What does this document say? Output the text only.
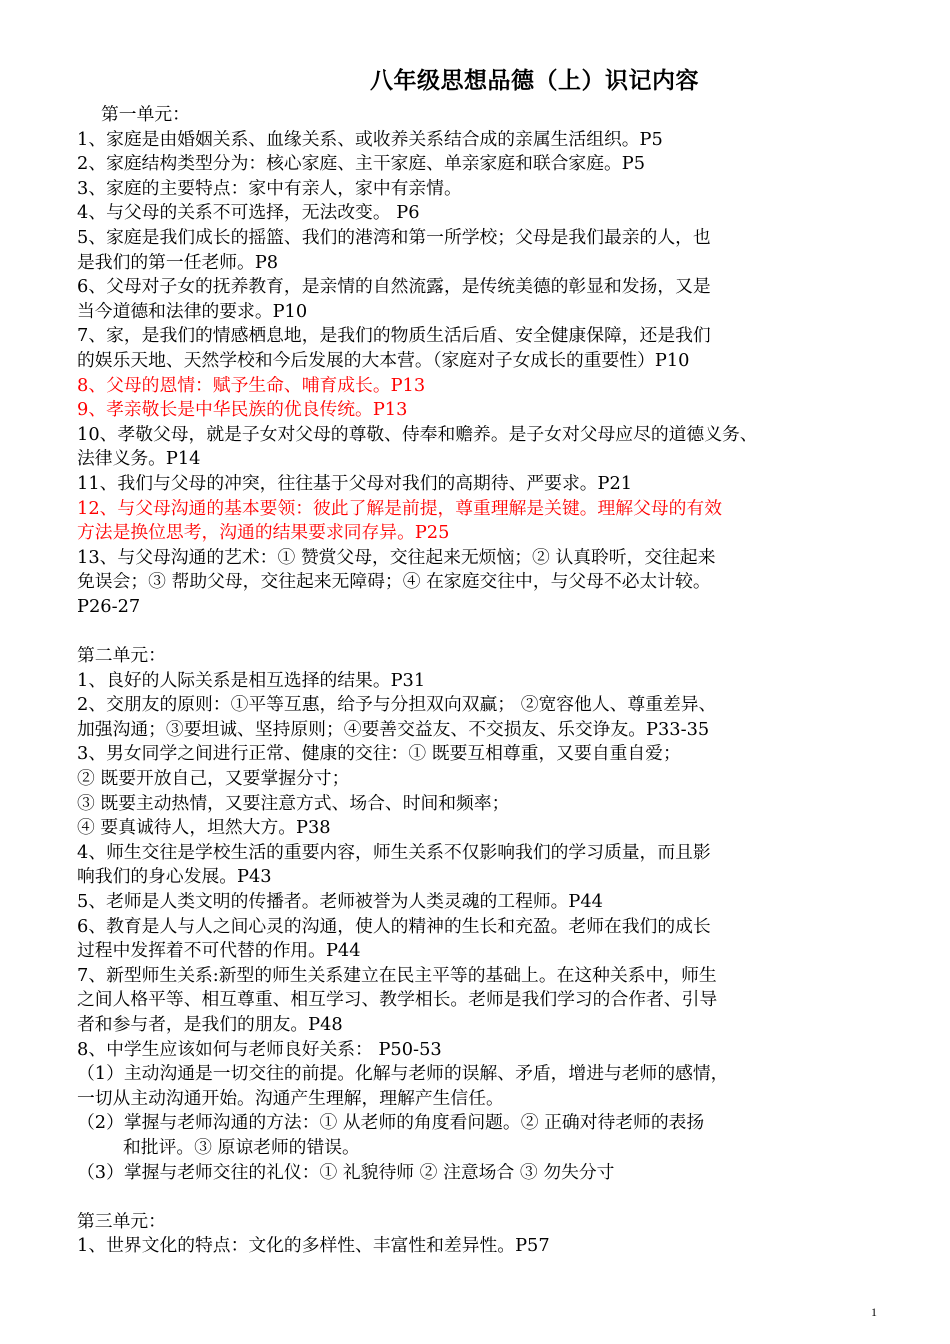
八年级思想品德（上）识记内容
第一单元：
1、家庭是由婚姻关系、血缘关系、或收养关系结合成的亲属生活组织。P5
2、家庭结构类型分为：核心家庭、主干家庭、单亲家庭和联合家庭。P5
3、家庭的主要特点：家中有亲人，家中有亲情。
4、与父母的关系不可选择，无法改变。 P6
5、家庭是我们成长的摇篮、我们的港湾和第一所学校；父母是我们最亲的人，也
是我们的第一任老师。P8
6、父母对子女的抚养教育，是亲情的自然流露，是传统美德的彰显和发扬，又是
当今道德和法律的要求。P10
7、家，是我们的情感栖息地，是我们的物质生活后盾、安全健康保障，还是我们
的娱乐天地、天然学校和今后发展的大本营。（家庭对子女成长的重要性）P10
8、父母的恩情：赋予生命、哺育成长。P13
9、孝亲敬长是中华民族的优良传统。P13
10、孝敬父母，就是子女对父母的尊敬、侍奉和赡养。是子女对父母应尽的道德义务、
法律义务。P14
11、我们与父母的冲突，往往基于父母对我们的高期待、严要求。P21
12、与父母沟通的基本要领：彼此了解是前提，尊重理解是关键。理解父母的有效
方法是换位思考，沟通的结果要求同存异。P25
13、与父母沟通的艺术：① 赞赏父母，交往起来无烦恼；② 认真聆听，交往起来
免误会；③ 帮助父母，交往起来无障碍；④ 在家庭交往中，与父母不必太计较。
P26-27
第二单元：
1、良好的人际关系是相互选择的结果。P31
2、交朋友的原则：①平等互惠，给予与分担双向双赢； ②宽容他人、尊重差异、
加强沟通；③要坦诚、坚持原则；④要善交益友、不交损友、乐交诤友。P33-35
3、男女同学之间进行正常、健康的交往：① 既要互相尊重，又要自重自爱；
② 既要开放自己，又要掌握分寸；
③ 既要主动热情，又要注意方式、场合、时间和频率；
④ 要真诚待人，坦然大方。P38
4、师生交往是学校生活的重要内容，师生关系不仅影响我们的学习质量，而且影
响我们的身心发展。P43
5、老师是人类文明的传播者。老师被誉为人类灵魂的工程师。P44
6、教育是人与人之间心灵的沟通，使人的精神的生长和充盈。老师在我们的成长
过程中发挥着不可代替的作用。P44
7、新型师生关系:新型的师生关系建立在民主平等的基础上。在这种关系中，师生
之间人格平等、相互尊重、相互学习、教学相长。老师是我们学习的合作者、引导
者和参与者，是我们的朋友。P48
8、中学生应该如何与老师良好关系： P50-53
（1）主动沟通是一切交往的前提。化解与老师的误解、矛盾，增进与老师的感情，
一切从主动沟通开始。沟通产生理解，理解产生信任。
（2）掌握与老师沟通的方法：① 从老师的角度看问题。② 正确对待老师的表扬
和批评。③ 原谅老师的错误。
（3）掌握与老师交往的礼仪：① 礼貌待师 ② 注意场合 ③ 勿失分寸
第三单元：
1、世界文化的特点：文化的多样性、丰富性和差异性。P57
1
